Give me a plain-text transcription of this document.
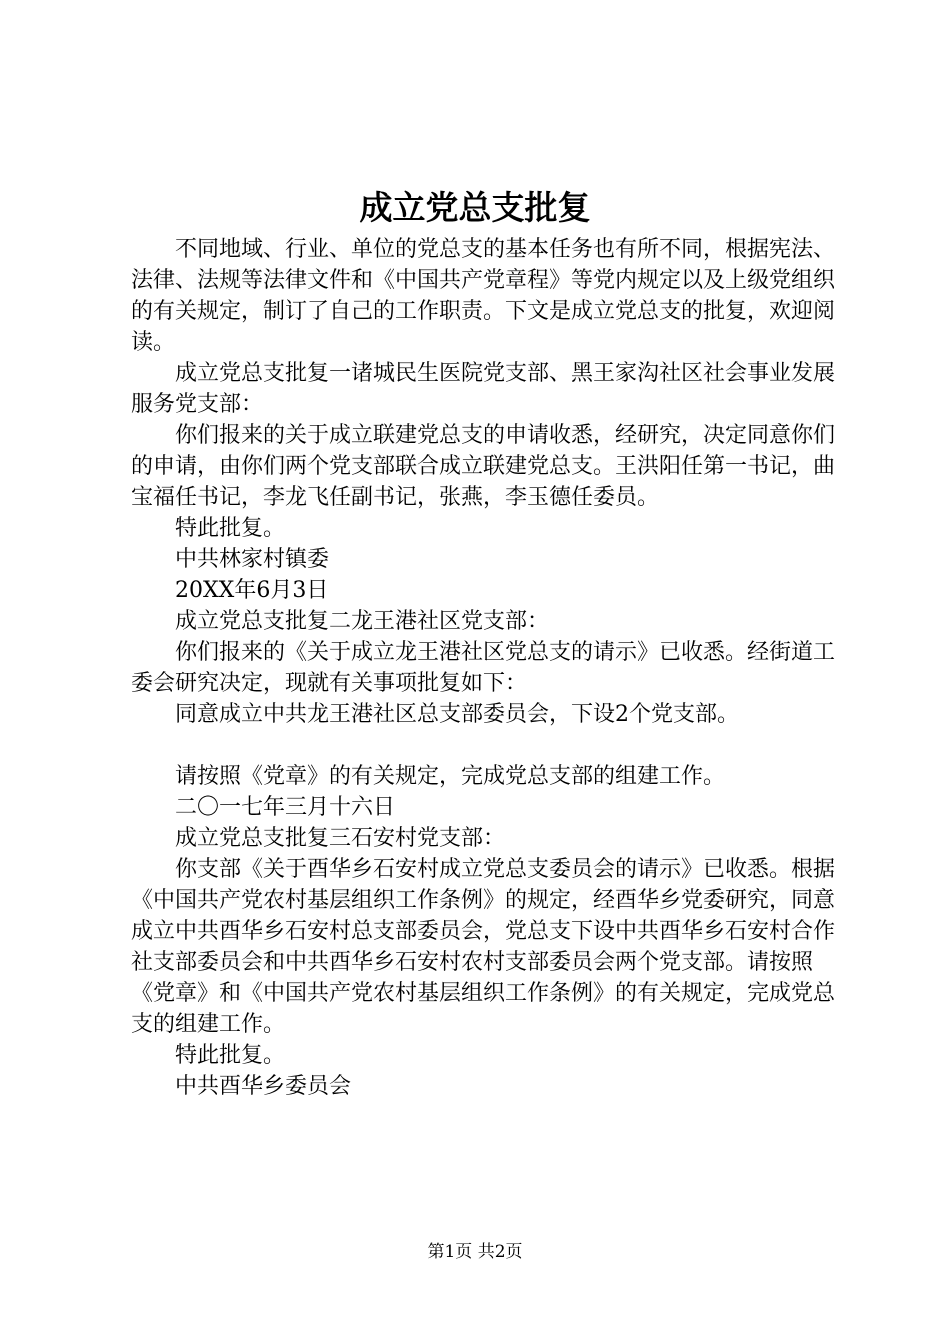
成立党总支批复

不同地域、行业、单位的党总支的基本任务也有所不同，根据宪法、法律、法规等法律文件和《中国共产党章程》等党内规定以及上级党组织的有关规定，制订了自己的工作职责。下文是成立党总支的批复，欢迎阅读。

成立党总支批复一诸城民生医院党支部、黑王家沟社区社会事业发展服务党支部：

你们报来的关于成立联建党总支的申请收悉，经研究，决定同意你们的申请，由你们两个党支部联合成立联建党总支。王洪阳任第一书记，曲宝福任书记，李龙飞任副书记，张燕，李玉德任委员。

特此批复。

中共林家村镇委

20XX年6月3日

成立党总支批复二龙王港社区党支部：

你们报来的《关于成立龙王港社区党总支的请示》已收悉。经街道工委会研究决定，现就有关事项批复如下：

同意成立中共龙王港社区总支部委员会，下设2个党支部。

请按照《党章》的有关规定，完成党总支部的组建工作。

二〇一七年三月十六日

成立党总支批复三石安村党支部：

你支部《关于酉华乡石安村成立党总支委员会的请示》已收悉。根据《中国共产党农村基层组织工作条例》的规定，经酉华乡党委研究，同意成立中共酉华乡石安村总支部委员会，党总支下设中共酉华乡石安村合作社支部委员会和中共酉华乡石安村农村支部委员会两个党支部。请按照《党章》和《中国共产党农村基层组织工作条例》的有关规定，完成党总支的组建工作。

特此批复。

中共酉华乡委员会

第1页 共2页
